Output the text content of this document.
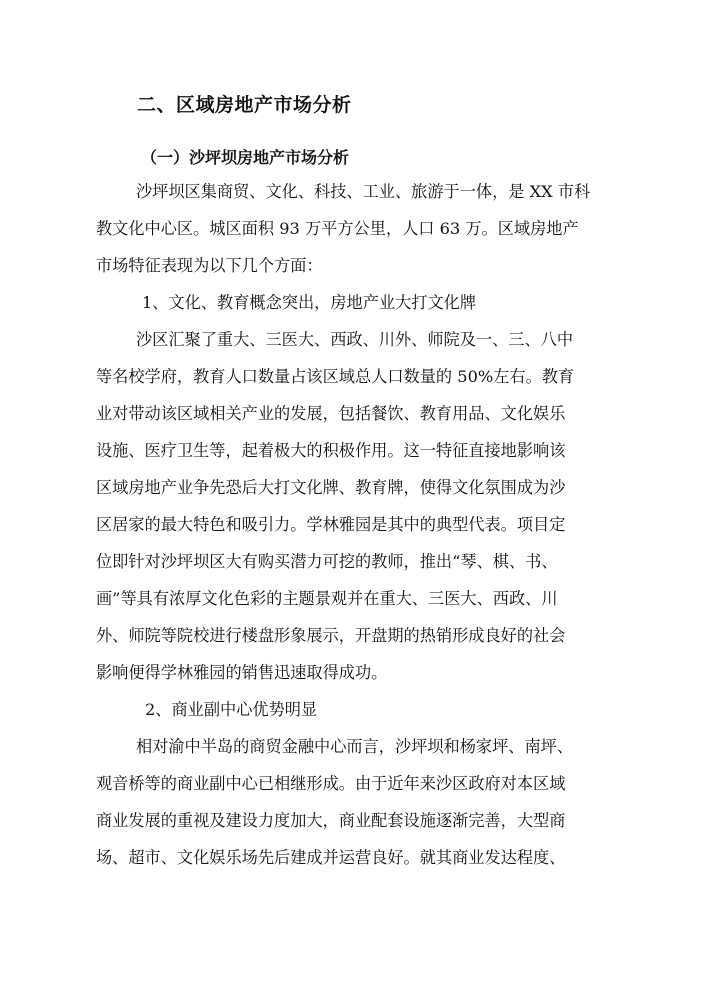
二、区域房地产市场分析
（一）沙坪坝房地产市场分析
沙坪坝区集商贸、文化、科技、工业、旅游于一体，是 XX 市科
教文化中心区。城区面积 93 万平方公里，人口 63 万。区域房地产
市场特征表现为以下几个方面：
1、文化、教育概念突出，房地产业大打文化牌
沙区汇聚了重大、三医大、西政、川外、师院及一、三、八中
等名校学府，教育人口数量占该区域总人口数量的 50%左右。教育
业对带动该区域相关产业的发展，包括餐饮、教育用品、文化娱乐
设施、医疗卫生等，起着极大的积极作用。这一特征直接地影响该
区域房地产业争先恐后大打文化牌、教育牌，使得文化氛围成为沙
区居家的最大特色和吸引力。学林雅园是其中的典型代表。项目定
位即针对沙坪坝区大有购买潜力可挖的教师，推出“琴、棋、书、
画”等具有浓厚文化色彩的主题景观并在重大、三医大、西政、川
外、师院等院校进行楼盘形象展示，开盘期的热销形成良好的社会
影响便得学林雅园的销售迅速取得成功。
2、商业副中心优势明显
相对渝中半岛的商贸金融中心而言，沙坪坝和杨家坪、南坪、
观音桥等的商业副中心已相继形成。由于近年来沙区政府对本区域
商业发展的重视及建设力度加大，商业配套设施逐渐完善，大型商
场、超市、文化娱乐场先后建成并运营良好。就其商业发达程度、
